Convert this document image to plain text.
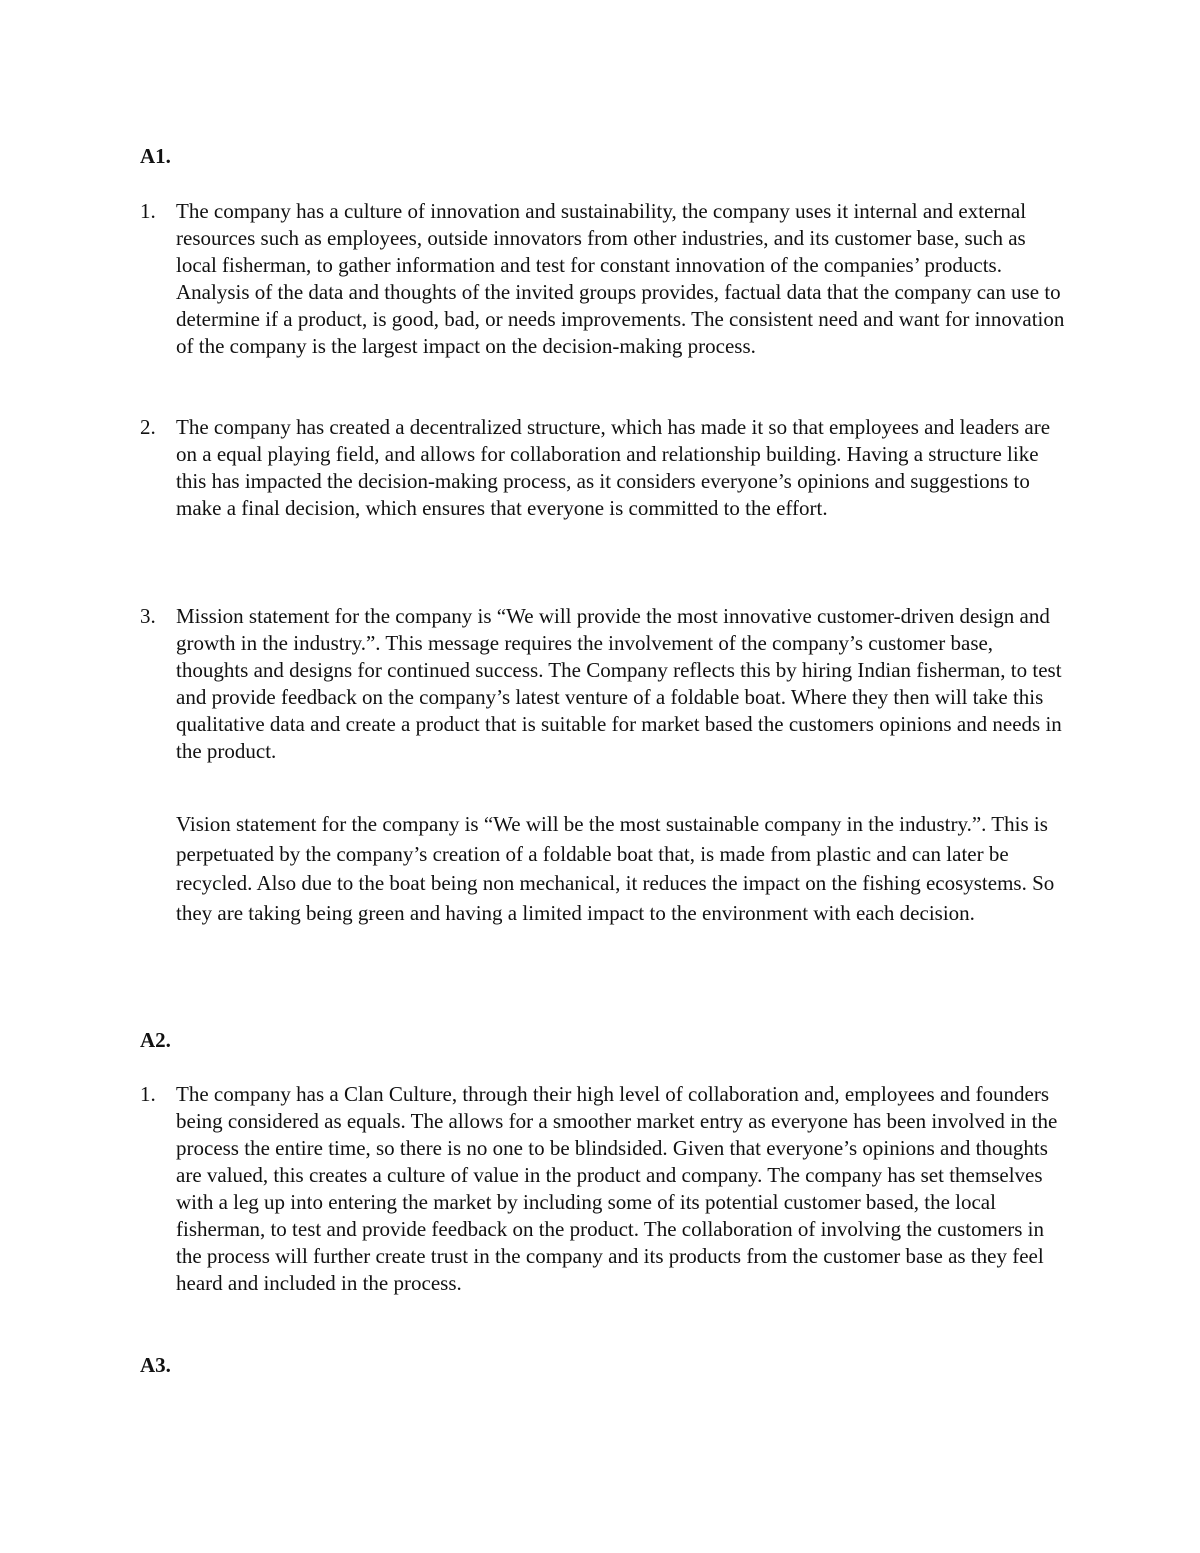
A1.
1. The company has a culture of innovation and sustainability, the company uses it internal and external resources such as employees, outside innovators from other industries, and its customer base, such as local fisherman, to gather information and test for constant innovation of the companies’ products. Analysis of the data and thoughts of the invited groups provides, factual data that the company can use to determine if a product, is good, bad, or needs improvements. The consistent need and want for innovation of the company is the largest impact on the decision-making process.
2. The company has created a decentralized structure, which has made it so that employees and leaders are on a equal playing field, and allows for collaboration and relationship building. Having a structure like this has impacted the decision-making process, as it considers everyone’s opinions and suggestions to make a final decision, which ensures that everyone is committed to the effort.
3. Mission statement for the company is “We will provide the most innovative customer-driven design and growth in the industry.”. This message requires the involvement of the company’s customer base, thoughts and designs for continued success. The Company reflects this by hiring Indian fisherman, to test and provide feedback on the company’s latest venture of a foldable boat. Where they then will take this qualitative data and create a product that is suitable for market based the customers opinions and needs in the product.
Vision statement for the company is “We will be the most sustainable company in the industry.”. This is perpetuated by the company’s creation of a foldable boat that, is made from plastic and can later be recycled. Also due to the boat being non mechanical, it reduces the impact on the fishing ecosystems. So they are taking being green and having a limited impact to the environment with each decision.
A2.
1. The company has a Clan Culture, through their high level of collaboration and, employees and founders being considered as equals. The allows for a smoother market entry as everyone has been involved in the process the entire time, so there is no one to be blindsided. Given that everyone’s opinions and thoughts are valued, this creates a culture of value in the product and company. The company has set themselves with a leg up into entering the market by including some of its potential customer based, the local fisherman, to test and provide feedback on the product. The collaboration of involving the customers in the process will further create trust in the company and its products from the customer base as they feel heard and included in the process.
A3.
